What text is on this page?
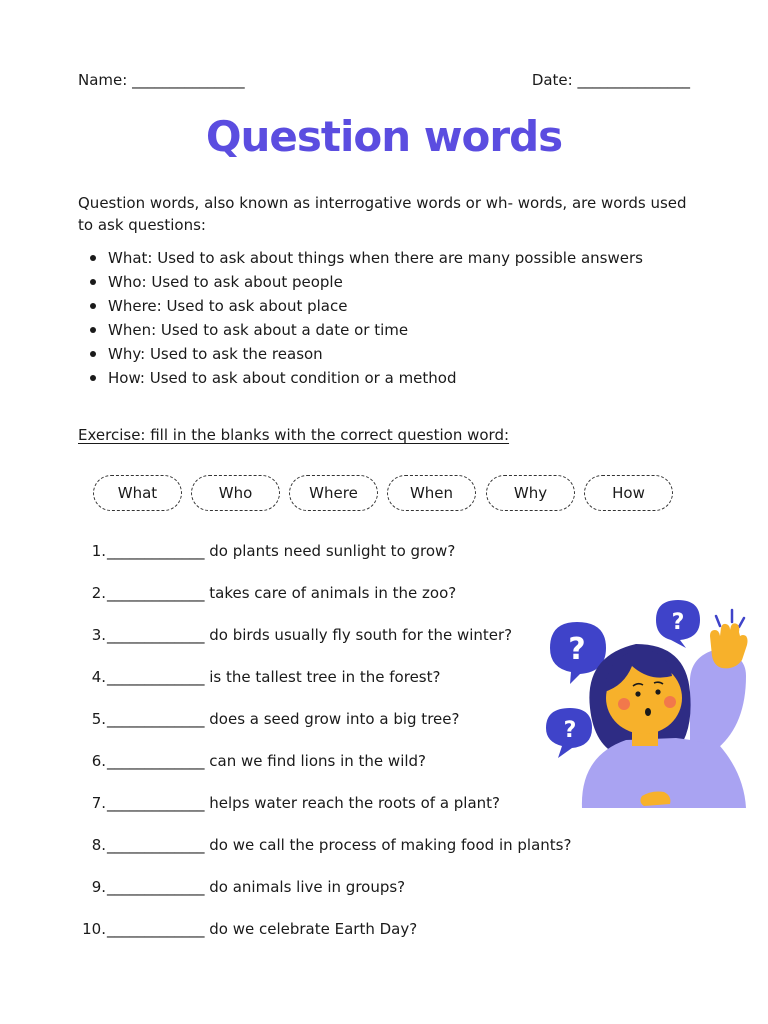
Name: _______________	Date: _______________
Question words
Question words, also known as interrogative words or wh- words, are words used to ask questions:
What: Used to ask about things when there are many possible answers
Who: Used to ask about people
Where: Used to ask about place
When: Used to ask about a date or time
Why: Used to ask the reason
How: Used to ask about condition or a method
Exercise: fill in the blanks with the correct question word:
What	Who	Where	When	Why	How
1. _____________ do plants need sunlight to grow?
2. _____________ takes care of animals in the zoo?
3. _____________ do birds usually fly south for the winter?
4. _____________ is the tallest tree in the forest?
5. _____________ does a seed grow into a big tree?
6. _____________ can we find lions in the wild?
7. _____________ helps water reach the roots of a plant?
8. _____________ do we call the process of making food in plants?
9. _____________ do animals live in groups?
10. _____________ do we celebrate Earth Day?
?
?
?
